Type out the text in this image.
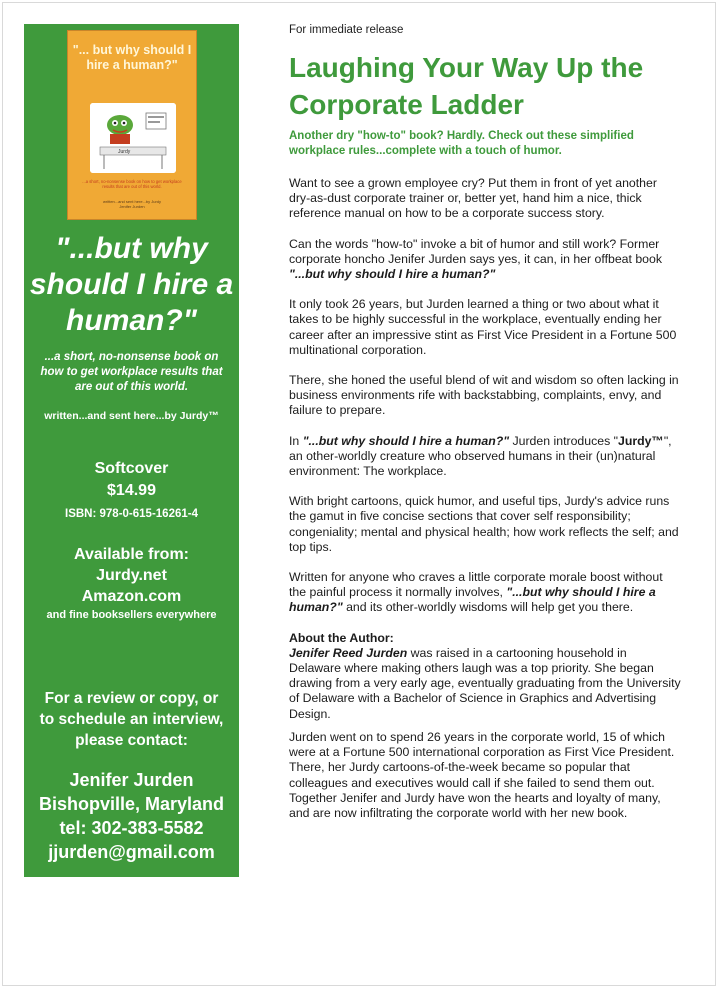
"... but why should I hire a human?"
Jurdy
...a short, no-nonsense book on how to get workplace results that are out of this world.
written...and sent here...by Jurdy
Jenifer Jurden
"...but why should I hire a human?"
...a short, no-nonsense book on how to get workplace results that are out of this world.
written...and sent here...by Jurdy™
Softcover
$14.99
ISBN: 978-0-615-16261-4
Available from:
Jurdy.net
Amazon.com
and fine booksellers everywhere
For a review or copy, or
to schedule an interview,
please contact:
Jenifer Jurden
Bishopville, Maryland
tel: 302-383-5582
jjurden@gmail.com

For immediate release

Laughing Your Way Up the Corporate Ladder

Another dry "how-to" book? Hardly. Check out these simplified workplace rules...complete with a touch of humor.

Want to see a grown employee cry? Put them in front of yet another dry-as-dust corporate trainer or, better yet, hand him a nice, thick reference manual on how to be a corporate success story.

Can the words "how-to" invoke a bit of humor and still work? Former corporate honcho Jenifer Jurden says yes, it can, in her offbeat book "...but why should I hire a human?"

It only took 26 years, but Jurden learned a thing or two about what it takes to be highly successful in the workplace, eventually ending her career after an impressive stint as First Vice President in a Fortune 500 multinational corporation.

There, she honed the useful blend of wit and wisdom so often lacking in business environments rife with backstabbing, complaints, envy, and failure to prepare.

In "...but why should I hire a human?" Jurden introduces "Jurdy™", an other-worldly creature who observed humans in their (un)natural environment: The workplace.

With bright cartoons, quick humor, and useful tips, Jurdy's advice runs the gamut in five concise sections that cover self responsibility; congeniality; mental and physical health; how work reflects the self; and top tips.

Written for anyone who craves a little corporate morale boost without the painful process it normally involves, "...but why should I hire a human?" and its other-worldly wisdoms will help get you there.

About the Author:

Jenifer Reed Jurden was raised in a cartooning household in Delaware where making others laugh was a top priority. She began drawing from a very early age, eventually graduating from the University of Delaware with a Bachelor of Science in Graphics and Advertising Design.

Jurden went on to spend 26 years in the corporate world, 15 of which were at a Fortune 500 international corporation as First Vice President. There, her Jurdy cartoons-of-the-week became so popular that colleagues and executives would call if she failed to send them out. Together Jenifer and Jurdy have won the hearts and loyalty of many, and are now infiltrating the corporate world with her new book.
